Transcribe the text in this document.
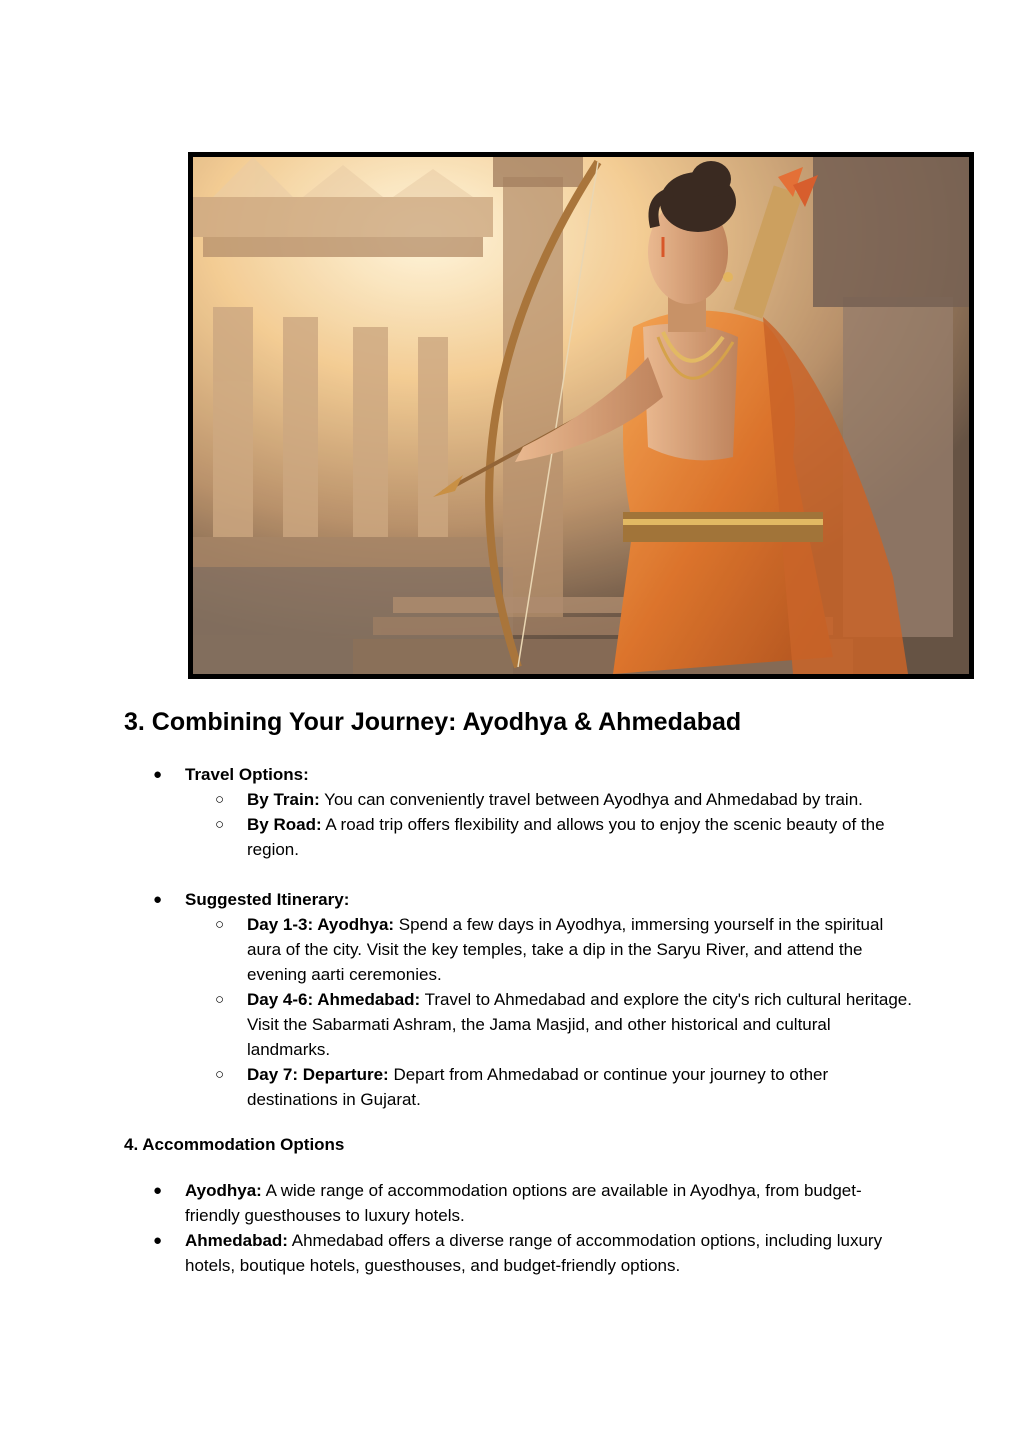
3. Combining Your Journey: Ayodhya & Ahmedabad
● Travel Options:
○ By Train: You can conveniently travel between Ayodhya and Ahmedabad by train.
○ By Road: A road trip offers flexibility and allows you to enjoy the scenic beauty of the region.
● Suggested Itinerary:
○ Day 1-3: Ayodhya: Spend a few days in Ayodhya, immersing yourself in the spiritual aura of the city. Visit the key temples, take a dip in the Saryu River, and attend the evening aarti ceremonies.
○ Day 4-6: Ahmedabad: Travel to Ahmedabad and explore the city's rich cultural heritage. Visit the Sabarmati Ashram, the Jama Masjid, and other historical and cultural landmarks.
○ Day 7: Departure: Depart from Ahmedabad or continue your journey to other destinations in Gujarat.
4. Accommodation Options
● Ayodhya: A wide range of accommodation options are available in Ayodhya, from budget-friendly guesthouses to luxury hotels.
● Ahmedabad: Ahmedabad offers a diverse range of accommodation options, including luxury hotels, boutique hotels, guesthouses, and budget-friendly options.
